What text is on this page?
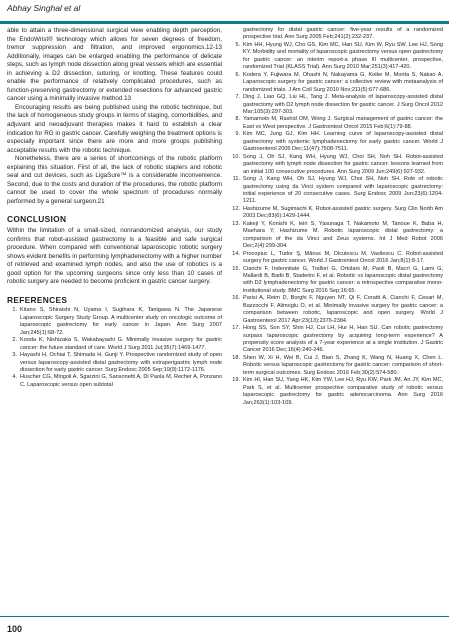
Abhay Singhal et al

able to attain a three-dimensional surgical view enabling depth perception, the EndoWrist® technology which allows for seven degrees of freedom, tremor suppression and filtration, and improved ergonomics.12-13 Additionally, images can be enlarged enabling the performance of delicate steps, such as lymph node dissection along great vessels which are essential in achieving a D2 dissection, suturing, or knotting. These features could enable the performance of relatively complicated procedures, such as function-preserving gastrectomy or extended resections for advanced gastric cancer using a minimally invasive method.13

Encouraging results are being published using the robotic technique, but the lack of homogeneous study groups in terms of staging, comorbidities, and adjuvant and neoadjuvant therapies makes it hard to establish a clear indication for RG in gastric cancer. Carefully weighing the treatment options is especially important since there are more and more groups publishing acceptable results with the robotic technique.

Nonetheless, there are a series of shortcomings of the robotic platform explaining this situation. First of all, the lack of robotic staplers and robotic seal and cut devices, such as LigaSure™ is a considerable inconvenience. Second, due to the costs and duration of the procedures, the robotic platform cannot be used to cover the whole spectrum of procedures normally performed by a general surgeon.21

CONCLUSION

Within the limitation of a small-sized, nonrandomized analysis, our study confirms that robot-assisted gastrectomy is a feasible and safe surgical procedure. When compared with conventional laparoscopic robotic surgery shows evident benefits in performing lymphadenectomy with a higher number of retrieved and examined lymph nodes, and also the use of robotics is a good option for the upcoming surgeons since only less than 10 cases of robotic surgery are needed to become proficient in gastric cancer surgery.

REFERENCES
1. Kitano S, Shiraishi N, Uyama I, Sugihara K, Tanigawa N. The Japanese Laparoscopic Surgery Study Group. A multicenter study on oncologic outcome of laparoscopic gastrectomy for early cancer in Japan. Ann Surg 2007 Jan;245(1):68-72.
2. Kooda K, Nishizaka S, Wakabayashi G. Minimally invasive surgery for gastric cancer: the future standard of care. World J Surg 2011 Jul;35(7):1469-1477.
3. Hayashi H, Ochiai T, Shimada H, Gunji Y. Prospective randomized study of open versus laparoscopy-assisted distal gastrectomy with extraperigastric lymph node dissection for early gastric cancer. Surg Endosc 2005 Sep;19(9):1172-1176.
4. Huscher CG, Mingoli A, Sgarzini G, Sansonetti A, Di Paola M, Recher A, Ponzano C. Laparoscopic versus open subtotal
gastrectomy for distal gastric cancer: five-year results of a randomized prospective trial. Ann Surg 2005 Feb;241(2):232-237.
5. Kim HH, Hyung WJ, Cho GS, Kim MC, Han SU, Kim W, Ryu SW, Lee HJ, Song KY. Morbidity and mortality of laparoscopic gastrectomy versus open gastrectomy for gastric cancer: an interim report-a phase III multicenter, prospective, randomized Trial (KLASS Trial). Ann Surg 2010 Mar;251(3):417-420.
6. Kodera Y, Fujiwara M, Ohashi N, Nakayama G, Koike M, Morita S, Nakao A. Laparoscopic surgery for gastric cancer: a collective review with metaanalysis of randomized trials. J Am Coll Surg 2010 Nov;211(5):677-686.
7. Ding J, Liao GQ, Liu HL, Tang J. Meta-analysis of laparoscopy-assisted distal gastrectomy with D2 lymph node dissection for gastric cancer. J Surg Oncol 2012 Mar;105(3):297-303.
8. Yamamoto M, Rashid OM, Wong J. Surgical management of gastric cancer: the East vs West perspective. J Gastrointest Oncol 2015 Feb;6(1):79-88.
9. Kim MC, Jung GJ, Kim HH. Learning curve of laparoscopy-assisted distal gastrectomy with systemic lymphadenectomy for early gastric cancer. World J Gastroenterol 2005 Dec;11(47):7508-7511.
10. Song J, Oh SJ, Kang WH, Hyung WJ, Choi SH, Noh SH. Robot-assisted gastrectomy with lymph node dissection for gastric cancer: lessons learned from an initial 100 consecutive procedures. Ann Surg 2009 Jun;249(6):927-932.
11. Song J, Kang WH, Oh SJ, Hyung WJ, Choi SH, Noh SH. Role of robotic gastrectomy using da Vinci system compared with laparoscopic gastrectomy: initial experience of 20 consecutive cases. Surg Endosc 2009 Jun;23(6):1204-1211.
12. Hashizume M, Sugimachi K. Robot-assisted gastric surgery. Surg Clin North Am 2003 Dec;83(6):1429-1444.
13. Kakeji Y, Konishi K, Ieiri S, Yasunaga T, Nakamoto M, Tanoue K, Baba H, Maehara Y, Hashizume M. Robotic laparoscopic distal gastrectomy: a comparison of the da Vinci and Zeus systems. Int J Med Robot 2006 Dec;2(4):299-304.
14. Procopiuc L, Tudor Ş, Mănuc M, Diculescu M, Vasilescu C. Robot-assisted surgery for gastric cancer. World J Gastrointest Oncol 2016 Jan;8(1):8-17.
15. Cianchi F, Indennitate G, Trallori G, Ortolani M, Paoli B, Macrì G, Lami G, Mallardi B, Badii B, Staderini F, et al. Robotic vs laparoscopic distal gastrectomy with D2 lymphadenectomy for gastric cancer: a retrospective comparative mono-institutional study. BMC Surg 2016 Sep;16:65.
16. Parisi A, Reim D, Borghi F, Nguyen NT, Qi F, Coratti A, Cianchi F, Cesari M, Bazzocchi F, Alimoglu O, et al. Minimally invasive surgery for gastric cancer: a comparison between robotic, laparoscopic and open surgery. World J Gastroenterol 2017 Apr;23(13):2376-2384.
17. Hong SS, Son SY, Shin HJ, Cui LH, Hur H, Han SU. Can robotic gastrectomy surpass laparoscopic gastrectomy by acquiring long-term experience? A propensity score analysis of a 7-year experience at a single institution. J Gastric Cancer 2016 Dec;16(4):240-246.
18. Shen W, Xi H, Wei B, Cui J, Bian S, Zhang K, Wang N, Huang X, Chen L. Robotic versus laparoscopic gastrectomy for gastric cancer: comparison of short-term surgical outcomes. Surg Endosc 2016 Feb;30(2):574-580.
19. Kim HI, Han SU, Yang HK, Kim YW, Lee HJ, Ryu KW, Park JM, An JY, Kim MC, Park S, et al. Multicenter prospective comparative study of robotic versus laparoscopic gastrectomy for gastric adenocarcinoma. Ann Surg 2016 Jan;263(1):103-109.
100
